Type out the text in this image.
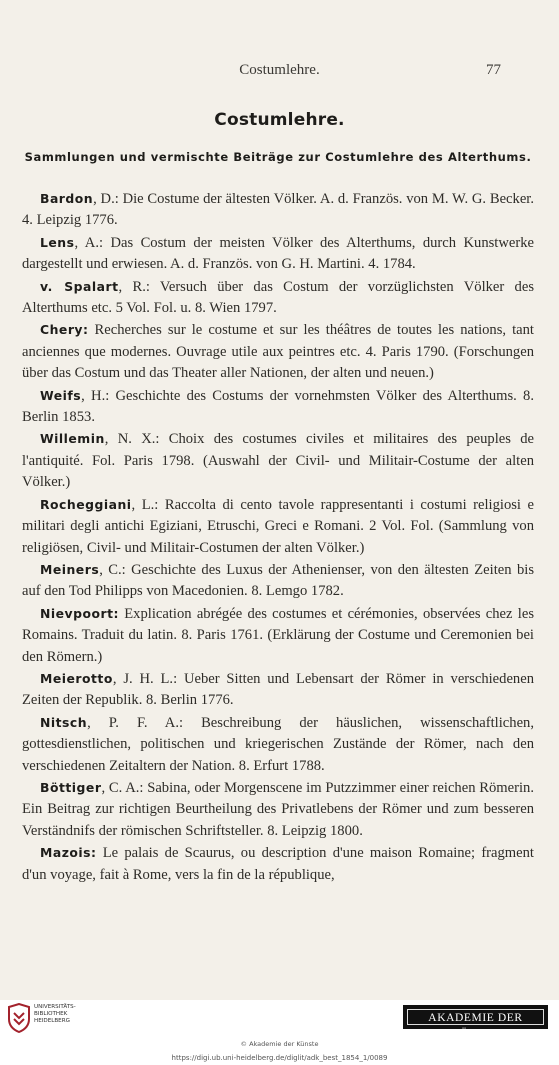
Costumlehre.	77
Costumlehre.
Sammlungen und vermischte Beiträge zur Costumlehre des Alterthums.

Bardon, D.: Die Costume der ältesten Völker. A. d. Französ. von M. W. G. Becker. 4. Leipzig 1776.

Lens, A.: Das Costum der meisten Völker des Alterthums, durch Kunstwerke dargestellt und erwiesen. A. d. Französ. von G. H. Martini. 4. 1784.

v. Spalart, R.: Versuch über das Costum der vorzüglichsten Völker des Alterthums etc. 5 Vol. Fol. u. 8. Wien 1797.

Chery: Recherches sur le costume et sur les théâtres de toutes les nations, tant anciennes que modernes. Ouvrage utile aux peintres etc. 4. Paris 1790. (Forschungen über das Costum und das Theater aller Nationen, der alten und neuen.)

Weifs, H.: Geschichte des Costums der vornehmsten Völker des Alterthums. 8. Berlin 1853.

Willemin, N. X.: Choix des costumes civiles et militaires des peuples de l'antiquité. Fol. Paris 1798. (Auswahl der Civil- und Militair-Costume der alten Völker.)

Rocheggiani, L.: Raccolta di cento tavole rappresentanti i costumi religiosi e militari degli antichi Egiziani, Etruschi, Greci e Romani. 2 Vol. Fol. (Sammlung von religiösen, Civil- und Militair-Costumen der alten Völker.)

Meiners, C.: Geschichte des Luxus der Athenienser, von den ältesten Zeiten bis auf den Tod Philipps von Macedonien. 8. Lemgo 1782.

Nievpoort: Explication abrégée des costumes et cérémonies, observées chez les Romains. Traduit du latin. 8. Paris 1761. (Erklärung der Costume und Ceremonien bei den Römern.)

Meierotto, J. H. L.: Ueber Sitten und Lebensart der Römer in verschiedenen Zeiten der Republik. 8. Berlin 1776.

Nitsch, P. F. A.: Beschreibung der häuslichen, wissenschaftlichen, gottesdienstlichen, politischen und kriegerischen Zustände der Römer, nach den verschiedenen Zeitaltern der Nation. 8. Erfurt 1788.

Böttiger, C. A.: Sabina, oder Morgenscene im Putzzimmer einer reichen Römerin. Ein Beitrag zur richtigen Beurtheilung des Privatlebens der Römer und zum besseren Verständnifs der römischen Schriftsteller. 8. Leipzig 1800.

Mazois: Le palais de Scaurus, ou description d'une maison Romaine; fragment d'un voyage, fait à Rome, vers la fin de la république,

UNIVERSITÄTS-
BIBLIOTHEK
HEIDELBERG	AKADEMIE DER KÜNSTE
© Akademie der Künste
https://digi.ub.uni-heidelberg.de/diglit/adk_best_1854_1/0089
